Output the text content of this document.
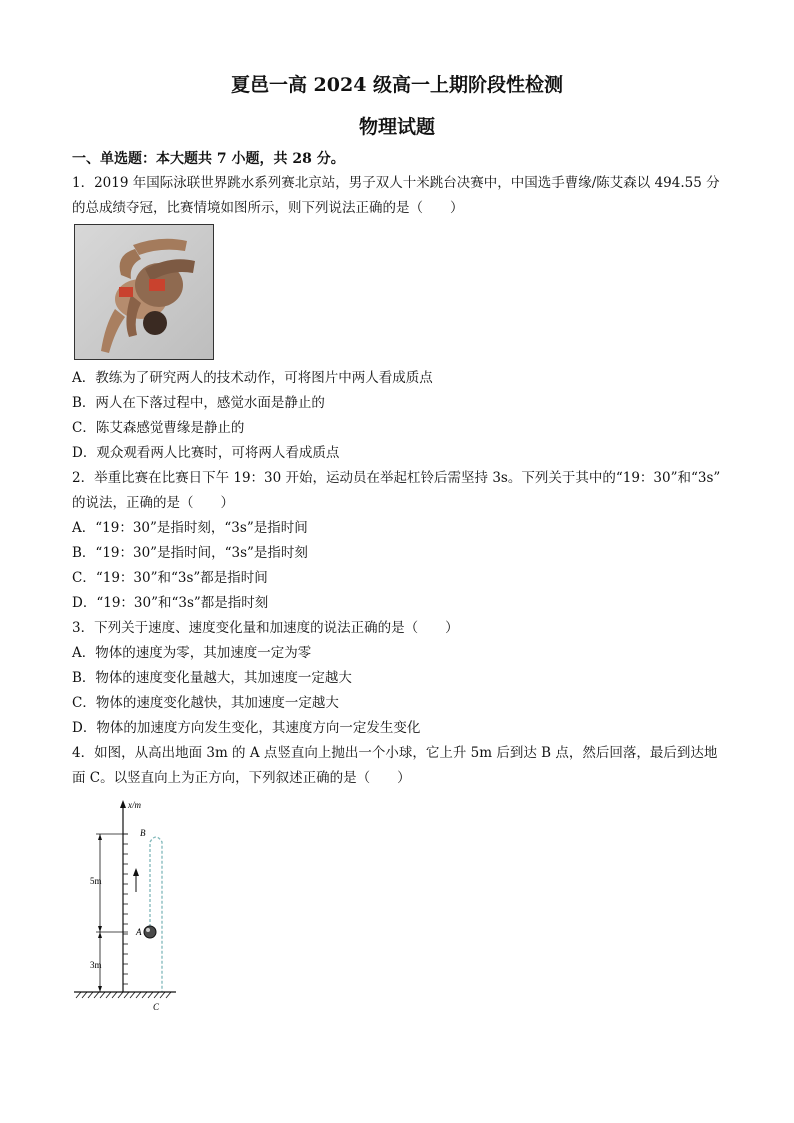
夏邑一高 2024 级高一上期阶段性检测
物理试题

一、单选题：本大题共 7 小题，共 28 分。

1．2019 年国际泳联世界跳水系列赛北京站，男子双人十米跳台决赛中，中国选手曹缘/陈艾森以 494.55 分

的总成绩夺冠，比赛情境如图所示，则下列说法正确的是（　　）

A．教练为了研究两人的技术动作，可将图片中两人看成质点

B．两人在下落过程中，感觉水面是静止的

C．陈艾森感觉曹缘是静止的

D．观众观看两人比赛时，可将两人看成质点

2．举重比赛在比赛日下午 19：30 开始，运动员在举起杠铃后需坚持 3s。下列关于其中的“19：30”和“3s”

的说法，正确的是（　　）

A．“19：30”是指时刻，“3s”是指时间

B．“19：30”是指时间，“3s”是指时刻

C．“19：30”和“3s”都是指时间

D．“19：30”和“3s”都是指时刻

3．下列关于速度、速度变化量和加速度的说法正确的是（　　）

A．物体的速度为零，其加速度一定为零

B．物体的速度变化量越大，其加速度一定越大

C．物体的速度变化越快，其加速度一定越大

D．物体的加速度方向发生变化，其速度方向一定发生变化

4．如图，从高出地面 3m 的 A 点竖直向上抛出一个小球，它上升 5m 后到达 B 点，然后回落，最后到达地

面 C。以竖直向上为正方向，下列叙述正确的是（　　）

x/m
5m
3m
B
A
C
